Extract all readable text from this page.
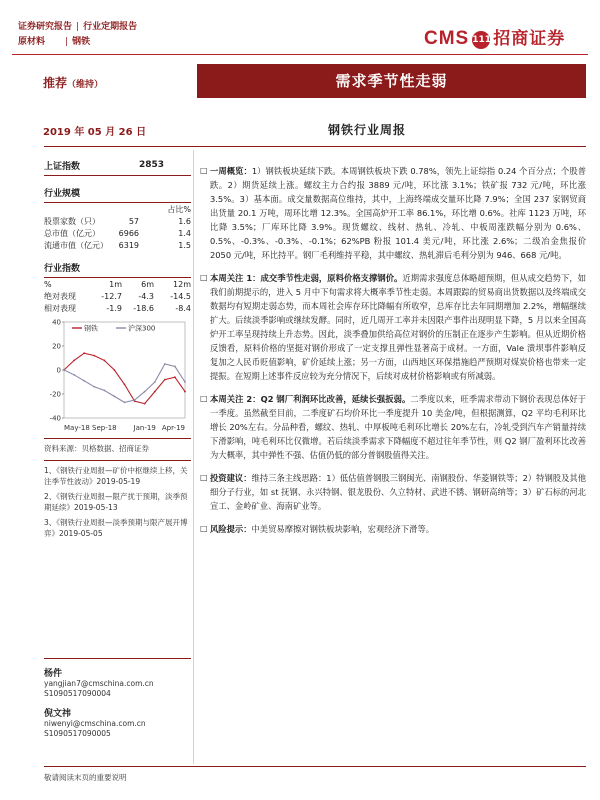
证券研究报告 | 行业定期报告
原材料 | 钢铁	CMS 111 招商证券
推荐（维持）	需求季节性走弱
2019 年 05 月 26 日	钢铁行业周报
上证指数	2853
行业规模
占比%
股票家数（只）	57	1.6
总市值（亿元）	6966	1.4
流通市值（亿元）	6319	1.5
行业指数
%	1m	6m	12m
绝对表现	-12.7	-4.3	-14.5
相对表现	-1.9	-18.6	-8.4
40
20
0
-20
-40
May-18 Sep-18 Jan-19 Apr-19
钢铁	沪深300
资料来源：贝格数据、招商证券
1、《钢铁行业周报—矿价中枢继续上移，关注季节性波动》2019-05-19
2、《钢铁行业周报—限产扰于预期，淡季预期延续》2019-05-13
3、《钢铁行业周报—淡季预期与限产展开博弈》2019-05-05
杨件
yangjian7@cmschina.com.cn
S1090517090004
倪文祎
niwenyi@cmschina.com.cn
S1090517090005
□ 一周概览：1）钢铁板块延续下跌。本周钢铁板块下跌 0.78%，领先上证综指 0.24 个百分点；个股普跌。2）期货延续上涨。螺纹主力合约报 3889 元/吨，环比涨 3.1%；铁矿报 732 元/吨，环比涨 3.5%。3）基本面。成交量数据高位维持，其中，上海终端成交量环比降 7.9%；全国 237 家钢贸商出货量 20.1 万吨，周环比增 12.3%。全国高炉开工率 86.1%，环比增 0.6%。社库 1123 万吨，环比降 3.5%；厂库环比降 3.9%。现货螺纹、线材、热轧、冷轧、中板周涨跌幅分别为 0.6%、0.5%、-0.3%、-0.3%、-0.1%；62%PB 粉报 101.4 美元/吨，环比涨 2.6%；二级冶金焦报价 2050 元/吨，环比持平。钢厂毛利维持平稳，其中螺纹、热轧滞后毛利分别为 946、668 元/吨。
□ 本周关注 1：成交季节性走弱，原料价格支撑钢价。近期需求强度总体略超预期，但从成交趋势下，如我们前期提示的，进入 5 月中下旬需求将大概率季节性走弱。本周跟踪的贸易商出货数据以及终端成交数据均有短期走弱态势，而本周社会库存环比降幅有所收窄，总库存比去年同期增加 2.2%，增幅继续扩大。后续淡季影响或继续发酵。同时，近几周开工率并未因限产事件出现明显下降，5 月以来全国高炉开工率呈现持续上升态势。因此，淡季叠加供给高位对钢价的压制正在逐步产生影响。但从近期价格反馈看，原料价格的坚挺对钢价形成了一定支撑且弹性显著高于成材。一方面，Vale 溃坝事件影响反复加之人民币贬值影响，矿价延续上涨；另一方面，山西地区环保措施趋严预期对煤炭价格也带来一定提振。在短期上述事件反应较为充分情况下，后续对成材价格影响或有所减弱。
□ 本周关注 2：Q2 钢厂利润环比改善，延续长强扳弱。二季度以来，旺季需求带动下钢价表现总体好于一季度。虽然截至目前，二季度矿石均价环比一季度提升 10 美金/吨，但根据测算，Q2 平均毛利环比增长 20%左右。分品种看，螺纹、热轧、中厚板吨毛利环比增长 20%左右，冷轧受到汽车产销量持续下滑影响，吨毛利环比仅微增。若后续淡季需求下降幅度不超过往年季节性，则 Q2 钢厂盈利环比改善为大概率，其中弹性不强、估值仍低的部分普钢股值得关注。
□ 投资建议：维持三条主线思路：1）低估值普钢股三钢闽光、南钢股份、华菱钢铁等；2）特钢股及其他细分子行业，如 st 抚钢、永兴特钢、银龙股份、久立特材、武进不锈、钢研高纳等；3）矿石标的河北宣工、金岭矿业、海南矿业等。
□ 风险提示：中美贸易摩擦对钢铁板块影响，宏观经济下滑等。
敬请阅读末页的重要说明
